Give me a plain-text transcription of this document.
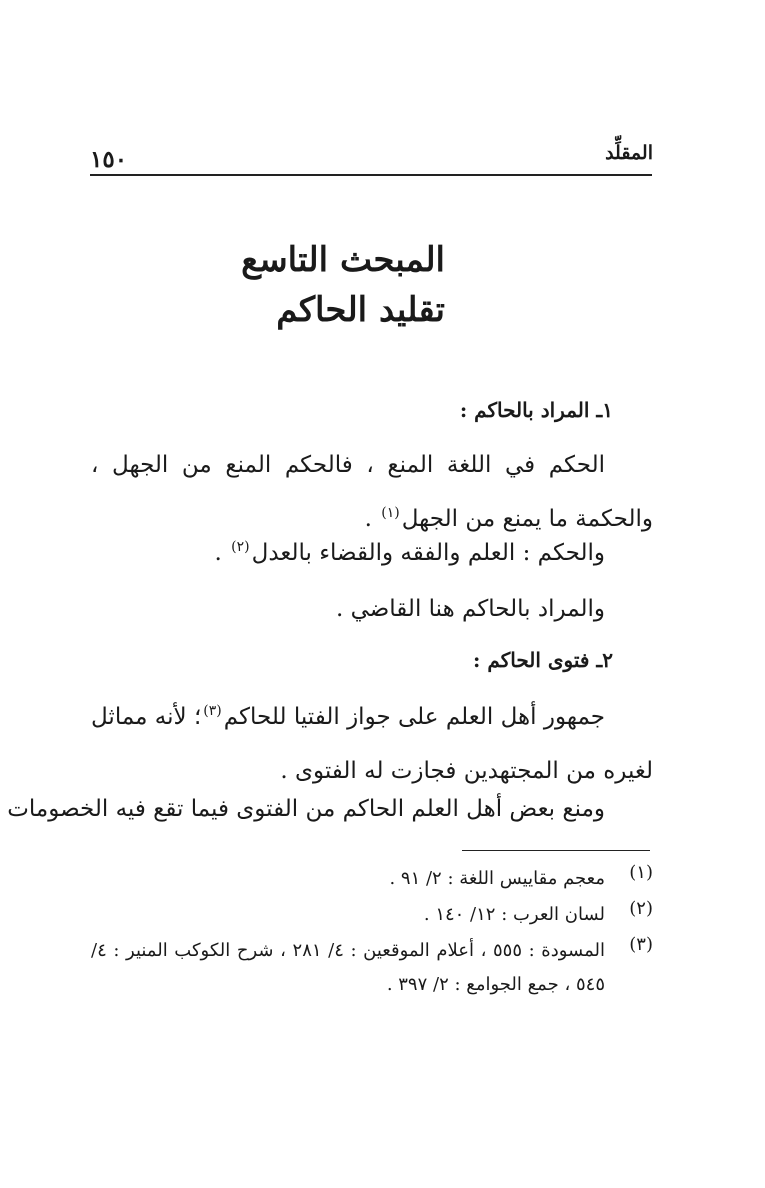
المقلِّد
١٥٠
المبحث التاسع
تقليد الحاكم
١ـ المراد بالحاكم :
الحكم في اللغة المنع ، فالحكم المنع من الجهل ، والحكمة ما يمنع من الجهل$^{(١)}$ .
والحكم : العلم والفقه والقضاء بالعدل$^{(٢)}$ .
والمراد بالحاكم هنا القاضي .
٢ـ فتوى الحاكم :
جمهور أهل العلم على جواز الفتيا للحاكم$^{(٣)}$؛ لأنه مماثل لغيره من المجتهدين فجازت له الفتوى .
ومنع بعض أهل العلم الحاكم من الفتوى فيما تقع فيه الخصومات
(١)
معجم مقاييس اللغة : ٢/ ٩١ .
(٢)
لسان العرب : ١٢/ ١٤٠ .
(٣)
المسودة : ٥٥٥ ، أعلام الموقعين : ٤/ ٢٨١ ، شرح الكوكب المنير : ٤/ ٥٤٥ ، جمع الجوامع : ٢/ ٣٩٧ .
